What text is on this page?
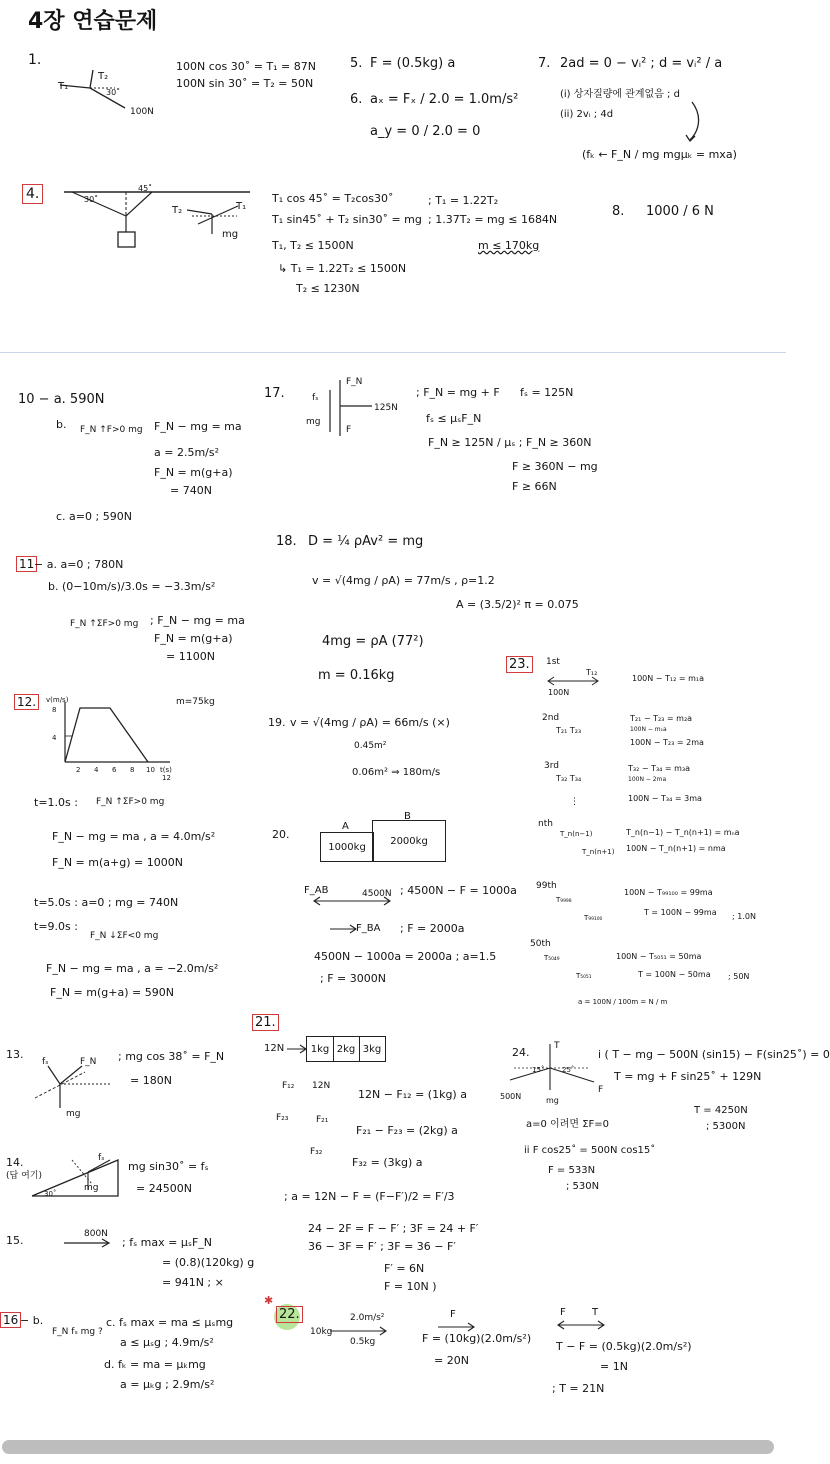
4장 연습문제
1.
T₁
T₂
30˚
100N
100N cos 30˚ = T₁ = 87N
100N sin 30˚ = T₂ = 50N
5. F = (0.5kg) a
6. aₓ = Fₓ / 2.0 = 1.0m/s²
a_y = 0 / 2.0 = 0
7. 2ad = 0 − vᵢ² ; d = vᵢ² / a
(i) 상자질량에 관계없음 ; d
(ii) 2vᵢ ; 4d
(fₖ ← F_N / mg mgμₖ = mxa)
4.	30˚
45˚
T₂	T₁
mg
T₁ cos 45˚ = T₂cos30˚
T₁ sin45˚ + T₂ sin30˚ = mg
T₁, T₂ ≤ 1500N
↳ T₁ = 1.22T₂ ≤ 1500N
T₂ ≤ 1230N
; T₁ = 1.22T₂
; 1.37T₂ = mg ≤ 1684N
m ≤ 170kg
8. 1000 / 6 N
10 − a. 590N
b. F_N ↑F>0 mg F_N − mg = ma
a = 2.5m/s²
F_N = m(g+a)
= 740N
c. a=0 ; 590N
11 − a. a=0 ; 780N
b. (0−10m/s)/3.0s = −3.3m/s²
F_N ↑ΣF>0 mg ; F_N − mg = ma
F_N = m(g+a)
= 1100N
12.	m=75kg
v(m/s)
8
4
t(s)
2 4 6 8 10
12
t=1.0s : F_N ↑ΣF>0 mg
F_N − mg = ma , a = 4.0m/s²
F_N = m(a+g) = 1000N
t=5.0s : a=0 ; mg = 740N
t=9.0s :
F_N ↓ΣF<0 mg
F_N − mg = ma , a = −2.0m/s²
F_N = m(g+a) = 590N
13.
fₛ	F_N
mg
; mg cos 38˚ = F_N
= 180N
14.
(답 여기)
30˚
fₛ
mg
mg sin30˚ = fₛ
= 24500N
15.	800N
; fₛ max = μₛF_N
= (0.8)(120kg) g
= 941N ; ×
16 − b.
F_N fₛ mg ?
c. fₛ max = ma ≤ μₛmg
a ≤ μₛg ; 4.9m/s²
d. fₖ = ma = μₖmg
a = μₖg ; 2.9m/s²
17.
F_N
fₛ
mg
F
125N
; F_N = mg + F fₛ = 125N
fₛ ≤ μₛF_N
F_N ≥ 125N / μₛ ; F_N ≥ 360N
F ≥ 360N − mg
F ≥ 66N
18. D = ¼ ρAv² = mg
v = √(4mg / ρA) = 77m/s , ρ=1.2
A = (3.5/2)² π = 0.075
4mg = ρA (77²)
m = 0.16kg
19. v = √(4mg / ρA) = 66m/s (×)
0.45m²
0.06m² ⇒ 180m/s
20.
A
B
1000kg
2000kg
F_AB	4500N ; 4500N − F = 1000a
F_BA ; F = 2000a
4500N − 1000a = 2000a ; a=1.5
; F = 3000N
21.
12N	1kg 2kg 3kg
F₁₂ 12N
F₂₃	F₂₁
F₃₂
12N − F₁₂ = (1kg) a
F₂₁ − F₂₃ = (2kg) a
F₃₂ = (3kg) a
; a = 12N − F = (F−F′)/2 = F′/3
24 − 2F = F − F′ ; 3F = 24 + F′
36 − 3F = F′ ; 3F = 36 − F′
F′ = 6N
F = 10N )
✱
22.
10kg
2.0m/s²
0.5kg
F
F = (10kg)(2.0m/s²)
= 20N
F	T
T − F = (0.5kg)(2.0m/s²)
= 1N
; T = 21N
23.	1st
T₁₂
100N
100N − T₁₂ = m₁a
2nd
T₂₁ T₂₃
T₂₁ − T₂₃ = m₂a
100N − m₁a
100N − T₂₃ = 2ma
3rd
T₃₂ T₃₄
T₃₂ − T₃₄ = m₃a
100N − 2ma
100N − T₃₄ = 3ma
⋮
nth
T_n(n−1)
T_n(n+1)
T_n(n−1) − T_n(n+1) = mₙa
100N − T_n(n+1) = nma
99th
T₉₉₉₈
T₉₉₁₀₀
100N − T₉₉₁₀₀ = 99ma
T = 100N − 99ma ; 1.0N
50th
T₅₀₄₉
T₅₀₅₁
100N − T₅₀₅₁ = 50ma
T = 100N − 50ma ; 50N
a = 100N / 100m = N / m
24.	T
15˚	25˚
500N	mg
F
i ( T − mg − 500N (sin15) − F(sin25˚) = 0
T = mg + F sin25˚ + 129N
a=0 이려면 ΣF=0
ii F cos25˚ = 500N cos15˚
F = 533N
; 530N
T = 4250N
; 5300N
